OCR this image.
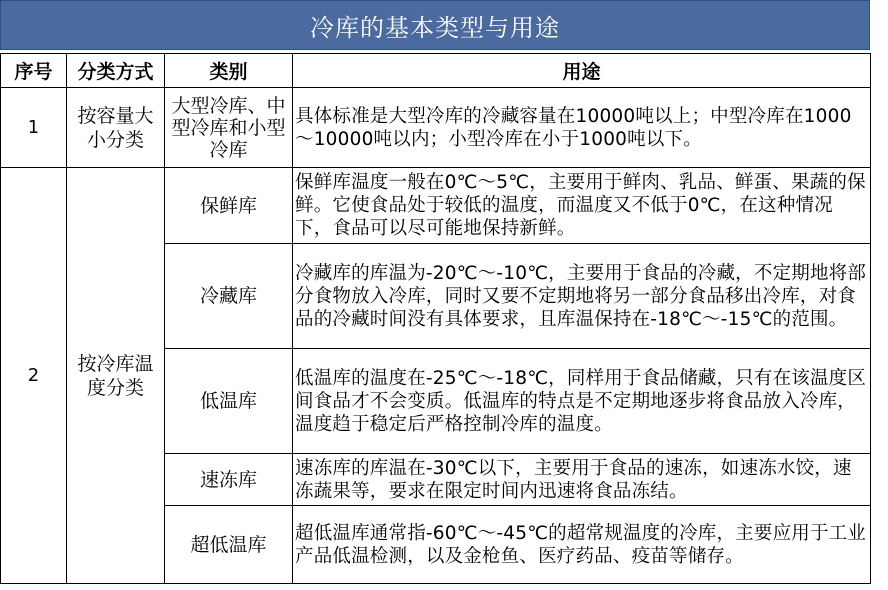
冷库的基本类型与用途
序号	分类方式	类别	用途
1	按容量大小分类	大型冷库、中型冷库和小型冷库	具体标准是大型冷库的冷藏容量在10000吨以上；中型冷库在1000～10000吨以内；小型冷库在小于1000吨以下。
2	按冷库温度分类	保鲜库	保鲜库温度一般在0℃～5℃，主要用于鲜肉、乳品、鲜蛋、果蔬的保鲜。它使食品处于较低的温度，而温度又不低于0℃，在这种情况下，食品可以尽可能地保持新鲜。
		冷藏库	冷藏库的库温为-20℃～-10℃，主要用于食品的冷藏，不定期地将部分食物放入冷库，同时又要不定期地将另一部分食品移出冷库，对食品的冷藏时间没有具体要求，且库温保持在-18℃～-15℃的范围。
		低温库	低温库的温度在-25℃～-18℃，同样用于食品储藏，只有在该温度区间食品才不会变质。低温库的特点是不定期地逐步将食品放入冷库，温度趋于稳定后严格控制冷库的温度。
		速冻库	速冻库的库温在-30℃以下，主要用于食品的速冻，如速冻水饺，速冻蔬果等，要求在限定时间内迅速将食品冻结。
		超低温库	超低温库通常指-60℃～-45℃的超常规温度的冷库，主要应用于工业产品低温检测，以及金枪鱼、医疗药品、疫苗等储存。
